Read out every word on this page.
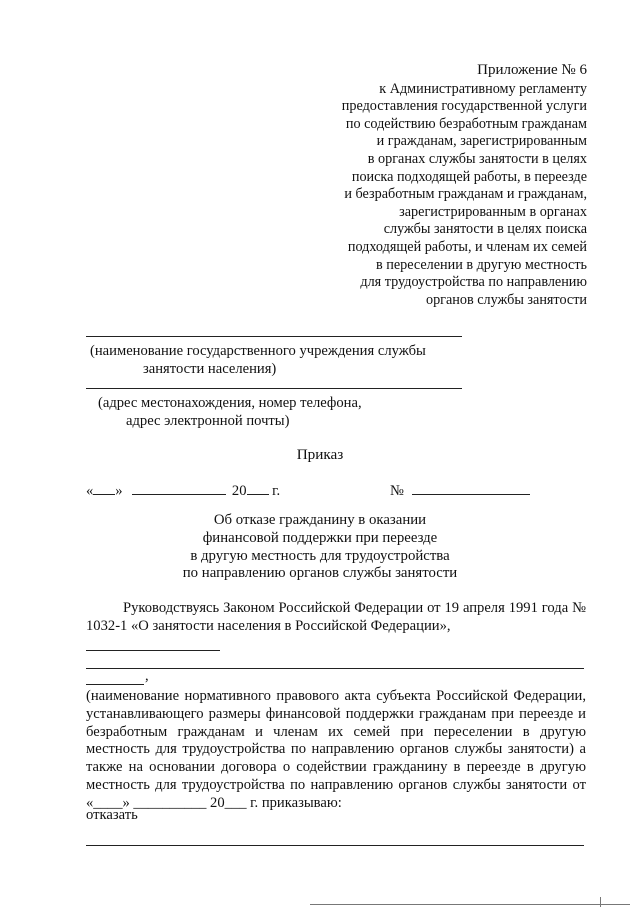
Приложение № 6
к Административному регламенту
предоставления государственной услуги
по содействию безработным гражданам
и гражданам, зарегистрированным
в органах службы занятости в целях
поиска подходящей работы, в переезде
и безработным гражданам и гражданам,
зарегистрированным в органах
службы занятости в целях поиска
подходящей работы, и членам их семей
в переселении в другую местность
для трудоустройства по направлению
органов службы занятости
(наименование государственного учреждения службы
занятости населения)
(адрес местонахождения, номер телефона,
адрес электронной почты)
Приказ
« »	20 г.	№
Об отказе гражданину в оказании
финансовой поддержки при переезде
в другую местность для трудоустройства
по направлению органов службы занятости
Руководствуясь Законом Российской Федерации от 19 апреля 1991 года № 1032-1 «О занятости населения в Российской Федерации»,
,
(наименование нормативного правового акта субъекта Российской Федерации, устанавливающего размеры финансовой поддержки гражданам при переезде и безработным гражданам и членам их семей при переселении в другую местность для трудоустройства по направлению органов службы занятости) а также на основании договора о содействии гражданину в переезде в другую местность для трудоустройства по направлению органов службы занятости от «____» __________ 20___ г. приказываю:
отказать
